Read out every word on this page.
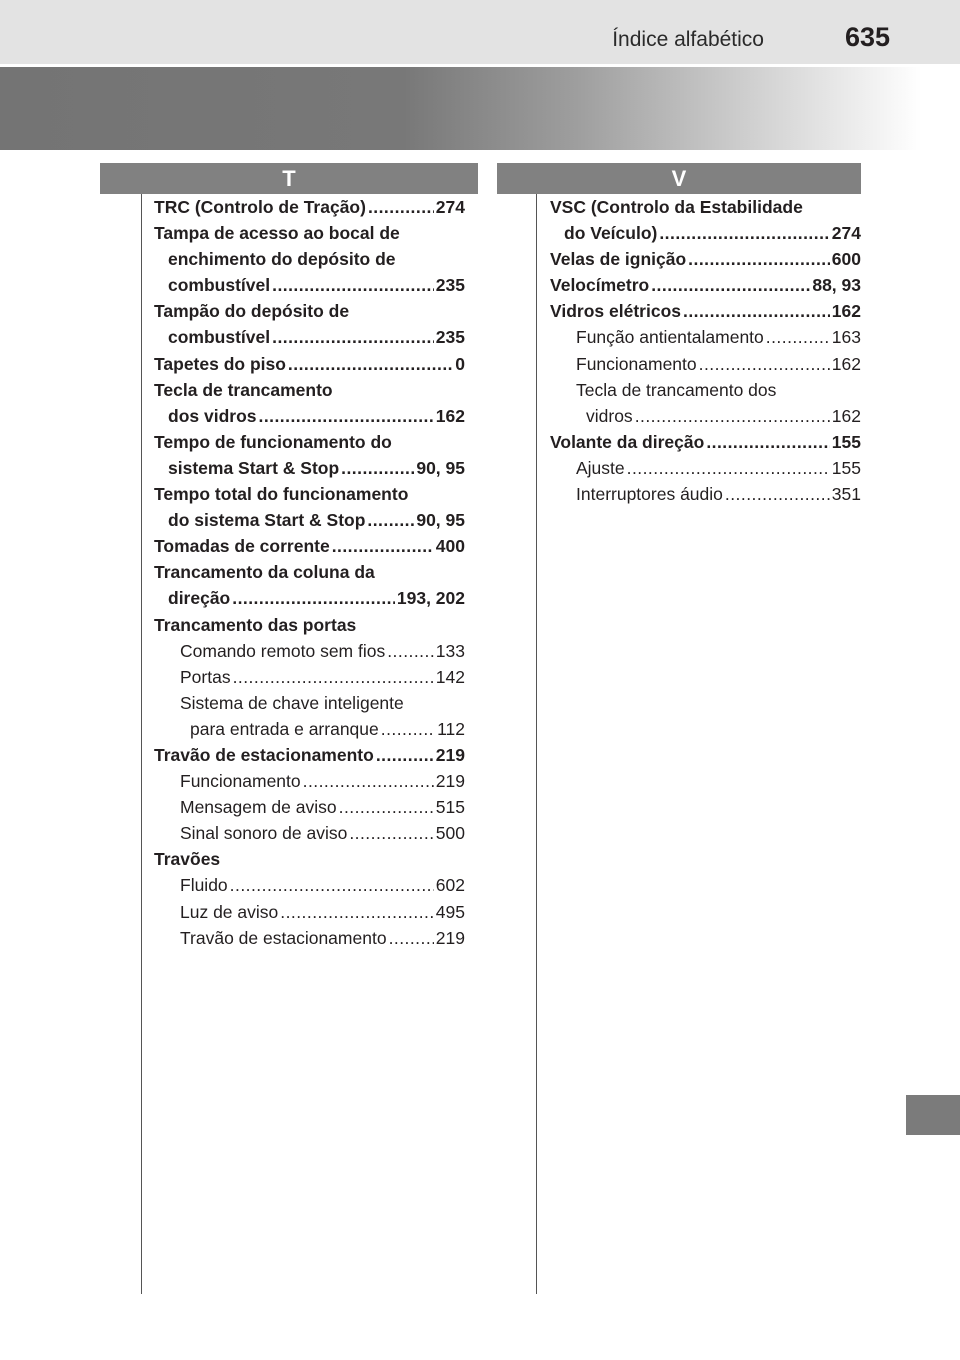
Índice alfabético	635
T	V
TRC (Controlo de Tração) . . .	274
Tampa de acesso ao bocal de
enchimento do depósito de
combustível . . .	235
Tampão do depósito de
combustível . . .	235
Tapetes do piso . . .	0
Tecla de trancamento
dos vidros . . .	162
Tempo de funcionamento do
sistema Start & Stop . . .	90, 95
Tempo total do funcionamento
do sistema Start & Stop . . .	90, 95
Tomadas de corrente . . .	400
Trancamento da coluna da
direção . . .	193, 202
Trancamento das portas
Comando remoto sem fios . . .	133
Portas . . .	142
Sistema de chave inteligente
para entrada e arranque . . .	112
Travão de estacionamento . . .	219
Funcionamento . . .	219
Mensagem de aviso . . .	515
Sinal sonoro de aviso . . .	500
Travões
Fluido . . .	602
Luz de aviso . . .	495
Travão de estacionamento . . .	219
VSC (Controlo da Estabilidade
do Veículo) . . .	274
Velas de ignição . . .	600
Velocímetro . . .	88, 93
Vidros elétricos . . .	162
Função antientalamento . . .	163
Funcionamento . . .	162
Tecla de trancamento dos
vidros . . .	162
Volante da direção . . .	155
Ajuste . . .	155
Interruptores áudio . . .	351
